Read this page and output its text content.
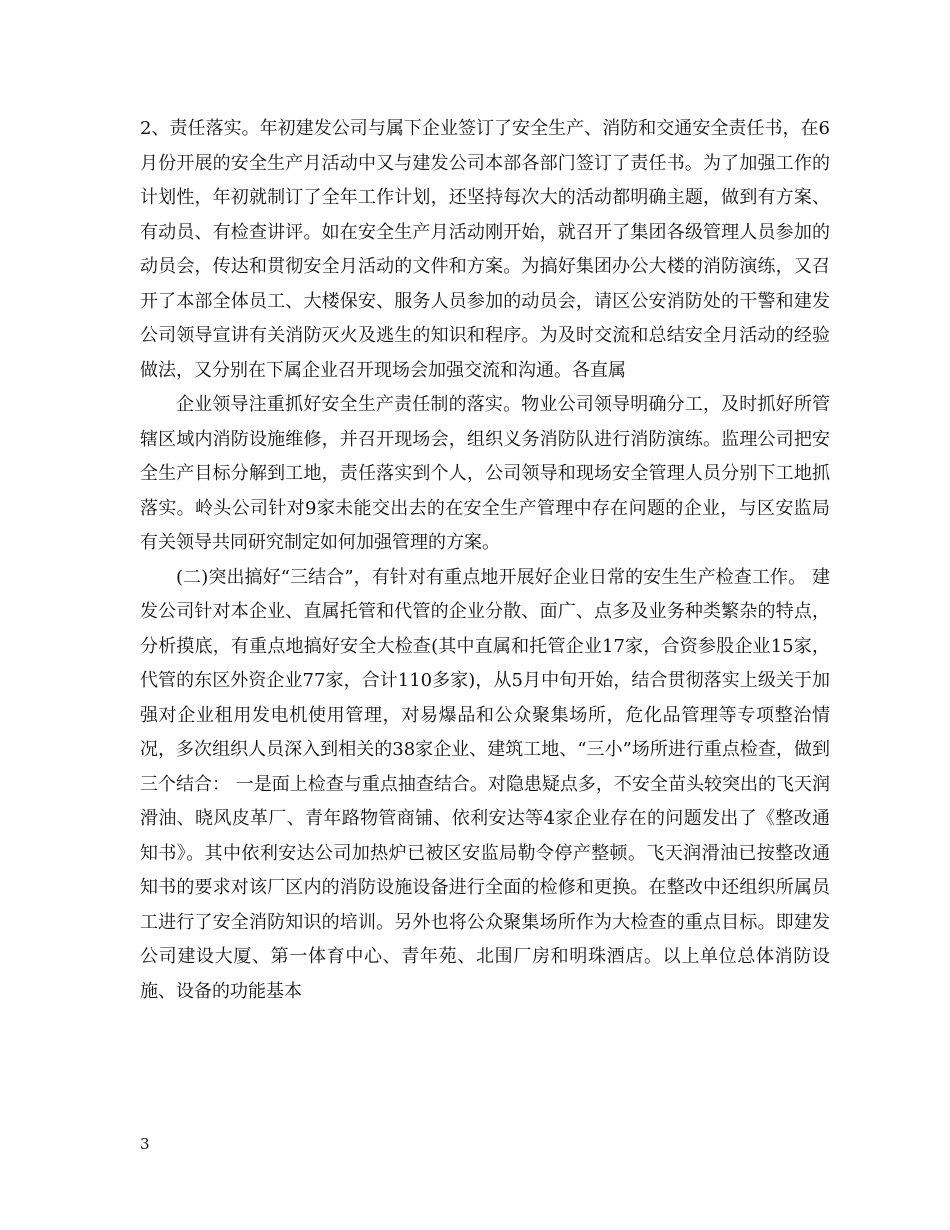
2、责任落实。年初建发公司与属下企业签订了安全生产、消防和交通安全责任书，在6月份开展的安全生产月活动中又与建发公司本部各部门签订了责任书。为了加强工作的计划性，年初就制订了全年工作计划，还坚持每次大的活动都明确主题，做到有方案、有动员、有检查讲评。如在安全生产月活动刚开始，就召开了集团各级管理人员参加的动员会，传达和贯彻安全月活动的文件和方案。为搞好集团办公大楼的消防演练，又召开了本部全体员工、大楼保安、服务人员参加的动员会，请区公安消防处的干警和建发公司领导宣讲有关消防灭火及逃生的知识和程序。为及时交流和总结安全月活动的经验做法，又分别在下属企业召开现场会加强交流和沟通。各直属

企业领导注重抓好安全生产责任制的落实。物业公司领导明确分工，及时抓好所管辖区域内消防设施维修，并召开现场会，组织义务消防队进行消防演练。监理公司把安全生产目标分解到工地，责任落实到个人，公司领导和现场安全管理人员分别下工地抓落实。岭头公司针对9家未能交出去的在安全生产管理中存在问题的企业，与区安监局有关领导共同研究制定如何加强管理的方案。

(二)突出搞好“三结合”，有针对有重点地开展好企业日常的安生生产检查工作。 建发公司针对本企业、直属托管和代管的企业分散、面广、点多及业务种类繁杂的特点，分析摸底，有重点地搞好安全大检查(其中直属和托管企业17家，合资参股企业15家，代管的东区外资企业77家，合计110多家)，从5月中旬开始，结合贯彻落实上级关于加强对企业租用发电机使用管理，对易爆品和公众聚集场所，危化品管理等专项整治情况，多次组织人员深入到相关的38家企业、建筑工地、“三小”场所进行重点检查，做到三个结合： 一是面上检查与重点抽查结合。对隐患疑点多，不安全苗头较突出的飞天润滑油、晓风皮革厂、青年路物管商铺、依利安达等4家企业存在的问题发出了《整改通知书》。其中依利安达公司加热炉已被区安监局勒令停产整顿。飞天润滑油已按整改通知书的要求对该厂区内的消防设施设备进行全面的检修和更换。在整改中还组织所属员工进行了安全消防知识的培训。另外也将公众聚集场所作为大检查的重点目标。即建发公司建设大厦、第一体育中心、青年苑、北围厂房和明珠酒店。以上单位总体消防设施、设备的功能基本

3
